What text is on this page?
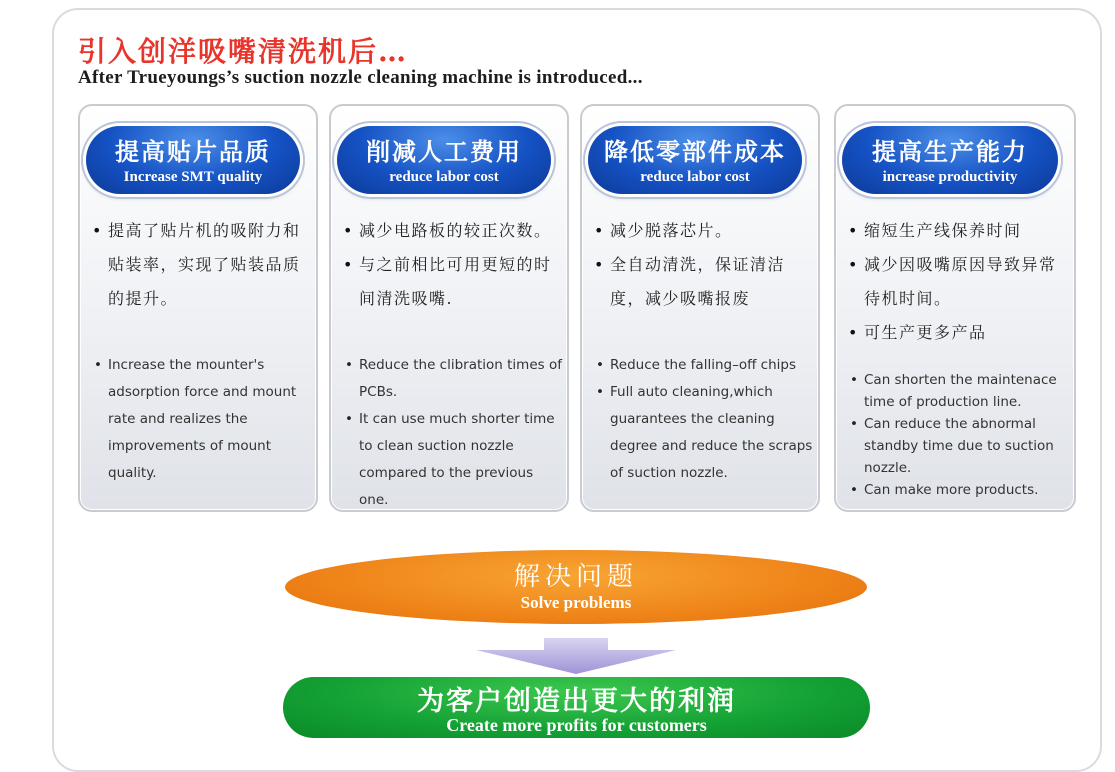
引入创洋吸嘴清洗机后…
After Trueyoungs’s suction nozzle cleaning machine is introduced...
提高贴片品质
Increase SMT quality
• 提高了贴片机的吸附力和贴装率，实现了贴装品质的提升。
• Increase the mounter's adsorption force and mount rate and realizes the improvements of mount quality.
削减人工费用
reduce labor cost
• 减少电路板的较正次数。
• 与之前相比可用更短的时间清洗吸嘴.
• Reduce the clibration times of PCBs.
• It can use much shorter time to clean suction nozzle compared to the previous one.
降低零部件成本
reduce labor cost
• 减少脱落芯片。
• 全自动清洗，保证清洁度，减少吸嘴报废
• Reduce the falling–off chips
• Full auto cleaning,which guarantees the cleaning degree and reduce the scraps of suction nozzle.
提高生产能力
increase productivity
• 缩短生产线保养时间
• 减少因吸嘴原因导致异常待机时间。
• 可生产更多产品
• Can shorten the maintenace time of production line.
• Can reduce the abnormal standby time due to suction nozzle.
• Can make more products.
解决问题
Solve problems
为客户创造出更大的利润
Create more profits for customers
